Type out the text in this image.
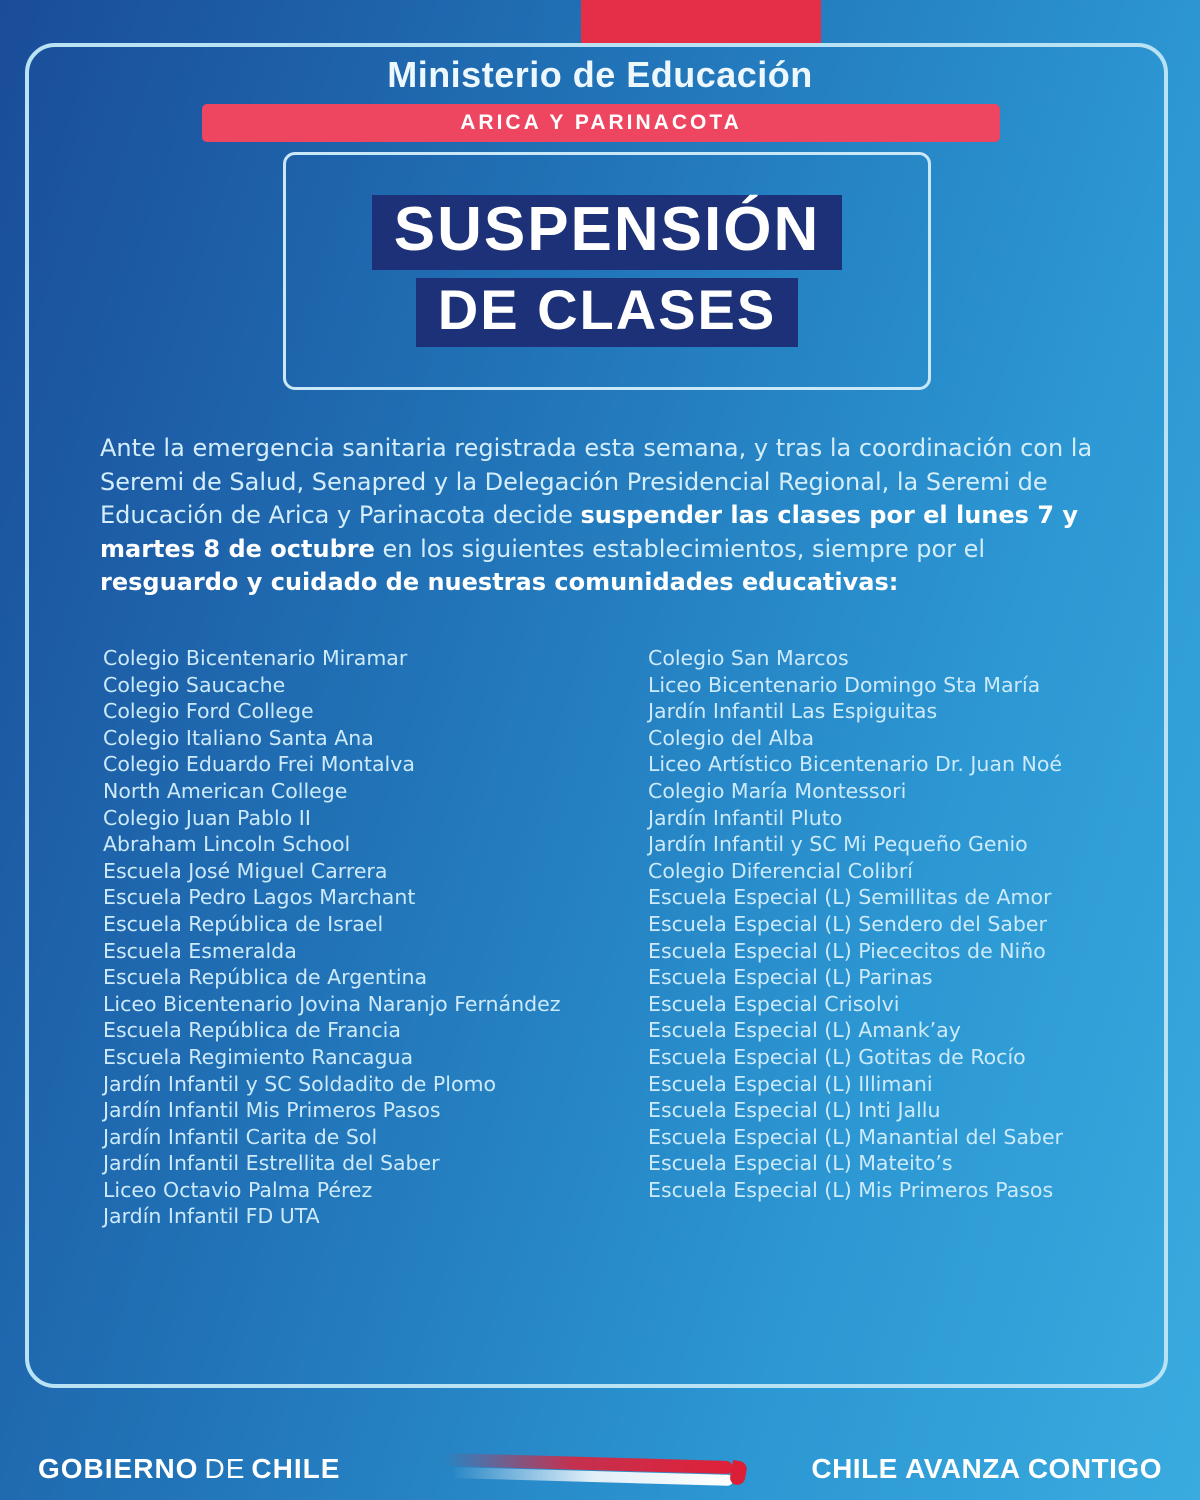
Ministerio de Educación
ARICA Y PARINACOTA
SUSPENSIÓN
DE CLASES

Ante la emergencia sanitaria registrada esta semana, y tras la coordinación con la Seremi de Salud, Senapred y la Delegación Presidencial Regional, la Seremi de Educación de Arica y Parinacota decide suspender las clases por el lunes 7 y martes 8 de octubre en los siguientes establecimientos, siempre por el resguardo y cuidado de nuestras comunidades educativas:

Colegio Bicentenario Miramar
Colegio Saucache
Colegio Ford College
Colegio Italiano Santa Ana
Colegio Eduardo Frei Montalva
North American College
Colegio Juan Pablo II
Abraham Lincoln School
Escuela José Miguel Carrera
Escuela Pedro Lagos Marchant
Escuela República de Israel
Escuela Esmeralda
Escuela República de Argentina
Liceo Bicentenario Jovina Naranjo Fernández
Escuela República de Francia
Escuela Regimiento Rancagua
Jardín Infantil y SC Soldadito de Plomo
Jardín Infantil Mis Primeros Pasos
Jardín Infantil Carita de Sol
Jardín Infantil Estrellita del Saber
Liceo Octavio Palma Pérez
Jardín Infantil FD UTA
Colegio San Marcos
Liceo Bicentenario Domingo Sta María
Jardín Infantil Las Espiguitas
Colegio del Alba
Liceo Artístico Bicentenario Dr. Juan Noé
Colegio María Montessori
Jardín Infantil Pluto
Jardín Infantil y SC Mi Pequeño Genio
Colegio Diferencial Colibrí
Escuela Especial (L) Semillitas de Amor
Escuela Especial (L) Sendero del Saber
Escuela Especial (L) Piececitos de Niño
Escuela Especial (L) Parinas
Escuela Especial Crisolvi
Escuela Especial (L) Amank’ay
Escuela Especial (L) Gotitas de Rocío
Escuela Especial (L) Illimani
Escuela Especial (L) Inti Jallu
Escuela Especial (L) Manantial del Saber
Escuela Especial (L) Mateito’s
Escuela Especial (L) Mis Primeros Pasos
GOBIERNO DE CHILE	CHILE AVANZA CONTIGO
